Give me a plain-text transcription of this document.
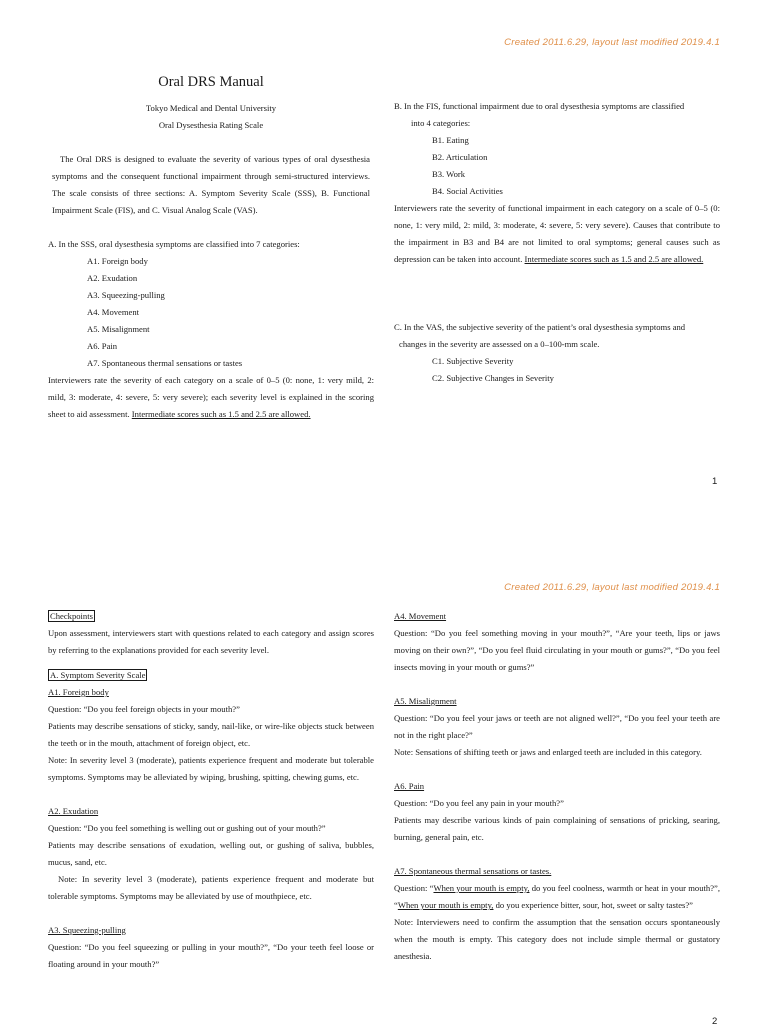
Created 2011.6.29, layout last modified 2019.4.1
Oral DRS Manual
Tokyo Medical and Dental University
Oral Dysesthesia Rating Scale

The Oral DRS is designed to evaluate the severity of various types of oral dysesthesia symptoms and the consequent functional impairment through semi-structured interviews. The scale consists of three sections: A. Symptom Severity Scale (SSS), B. Functional Impairment Scale (FIS), and C. Visual Analog Scale (VAS).

A. In the SSS, oral dysesthesia symptoms are classified into 7 categories:
A1. Foreign body
A2. Exudation
A3. Squeezing-pulling
A4. Movement
A5. Misalignment
A6. Pain
A7. Spontaneous thermal sensations or tastes

Interviewers rate the severity of each category on a scale of 0–5 (0: none, 1: very mild, 2: mild, 3: moderate, 4: severe, 5: very severe); each severity level is explained in the scoring sheet to aid assessment. Intermediate scores such as 1.5 and 2.5 are allowed.

B. In the FIS, functional impairment due to oral dysesthesia symptoms are classified
into 4 categories:
B1. Eating
B2. Articulation
B3. Work
B4. Social Activities

Interviewers rate the severity of functional impairment in each category on a scale of 0–5 (0: none, 1: very mild, 2: mild, 3: moderate, 4: severe, 5: very severe). Causes that contribute to the impairment in B3 and B4 are not limited to oral symptoms; general causes such as depression can be taken into account. Intermediate scores such as 1.5 and 2.5 are allowed.

C. In the VAS, the subjective severity of the patient’s oral dysesthesia symptoms and
changes in the severity are assessed on a 0–100-mm scale.
C1. Subjective Severity
C2. Subjective Changes in Severity
1
Created 2011.6.29, layout last modified 2019.4.1
Checkpoints

Upon assessment, interviewers start with questions related to each category and assign scores by referring to the explanations provided for each severity level.

A. Symptom Severity Scale
A1. Foreign body
Question: “Do you feel foreign objects in your mouth?”

Patients may describe sensations of sticky, sandy, nail-like, or wire-like objects stuck between the teeth or in the mouth, attachment of foreign object, etc.

Note: In severity level 3 (moderate), patients experience frequent and moderate but tolerable symptoms. Symptoms may be alleviated by wiping, brushing, spitting, chewing gums, etc.

A2. Exudation
Question: “Do you feel something is welling out or gushing out of your mouth?”

Patients may describe sensations of exudation, welling out, or gushing of saliva, bubbles, mucus, sand, etc.

Note: In severity level 3 (moderate), patients experience frequent and moderate but tolerable symptoms. Symptoms may be alleviated by use of mouthpiece, etc.

A3. Squeezing-pulling

Question: “Do you feel squeezing or pulling in your mouth?”, “Do your teeth feel loose or floating around in your mouth?”

A4. Movement

Question: “Do you feel something moving in your mouth?”, “Are your teeth, lips or jaws moving on their own?”, “Do you feel fluid circulating in your mouth or gums?”, “Do you feel insects moving in your mouth or gums?”

A5. Misalignment

Question: “Do you feel your jaws or teeth are not aligned well?”, “Do you feel your teeth are not in the right place?”

Note: Sensations of shifting teeth or jaws and enlarged teeth are included in this category.

A6. Pain
Question: “Do you feel any pain in your mouth?”

Patients may describe various kinds of pain complaining of sensations of pricking, searing, burning, general pain, etc.

A7. Spontaneous thermal sensations or tastes.

Question: “When your mouth is empty, do you feel coolness, warmth or heat in your mouth?”, “When your mouth is empty, do you experience bitter, sour, hot, sweet or salty tastes?”

Note: Interviewers need to confirm the assumption that the sensation occurs spontaneously when the mouth is empty. This category does not include simple thermal or gustatory anesthesia.

2
